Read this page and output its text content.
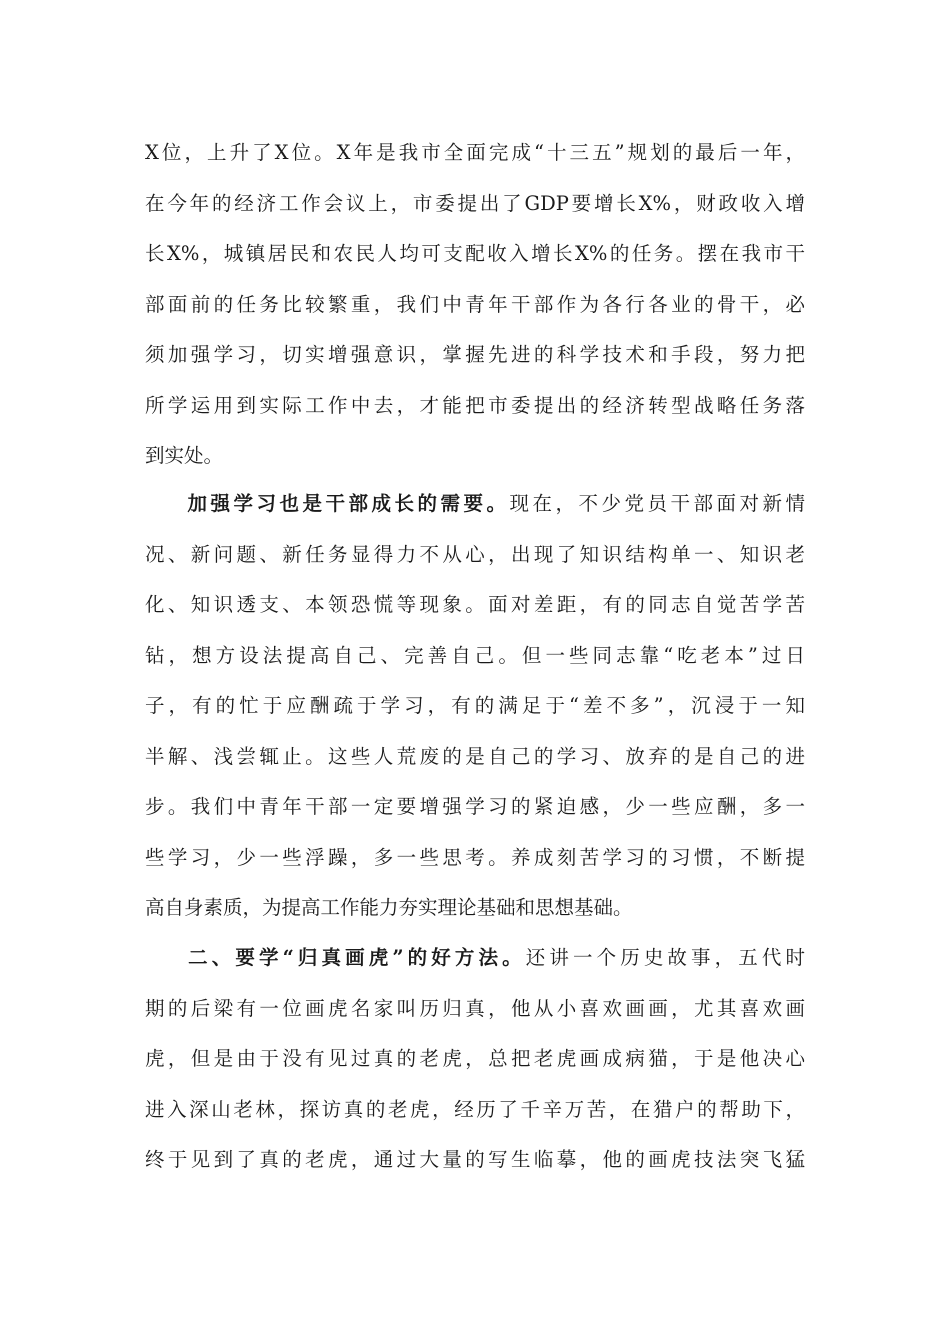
X位，上升了X位。X年是我市全面完成“十三五”规划的最后一年，
在今年的经济工作会议上，市委提出了GDP要增长X%，财政收入增
长X%，城镇居民和农民人均可支配收入增长X%的任务。摆在我市干
部面前的任务比较繁重，我们中青年干部作为各行各业的骨干，必
须加强学习，切实增强意识，掌握先进的科学技术和手段，努力把
所学运用到实际工作中去，才能把市委提出的经济转型战略任务落
到实处。

加强学习也是干部成长的需要。现在，不少党员干部面对新情
况、新问题、新任务显得力不从心，出现了知识结构单一、知识老
化、知识透支、本领恐慌等现象。面对差距，有的同志自觉苦学苦
钻，想方设法提高自己、完善自己。但一些同志靠“吃老本”过日
子，有的忙于应酬疏于学习，有的满足于“差不多”，沉浸于一知
半解、浅尝辄止。这些人荒废的是自己的学习、放弃的是自己的进
步。我们中青年干部一定要增强学习的紧迫感，少一些应酬，多一
些学习，少一些浮躁，多一些思考。养成刻苦学习的习惯，不断提
高自身素质，为提高工作能力夯实理论基础和思想基础。

二、要学“归真画虎”的好方法。还讲一个历史故事，五代时
期的后梁有一位画虎名家叫历归真，他从小喜欢画画，尤其喜欢画
虎，但是由于没有见过真的老虎，总把老虎画成病猫，于是他决心
进入深山老林，探访真的老虎，经历了千辛万苦，在猎户的帮助下，
终于见到了真的老虎，通过大量的写生临摹，他的画虎技法突飞猛
